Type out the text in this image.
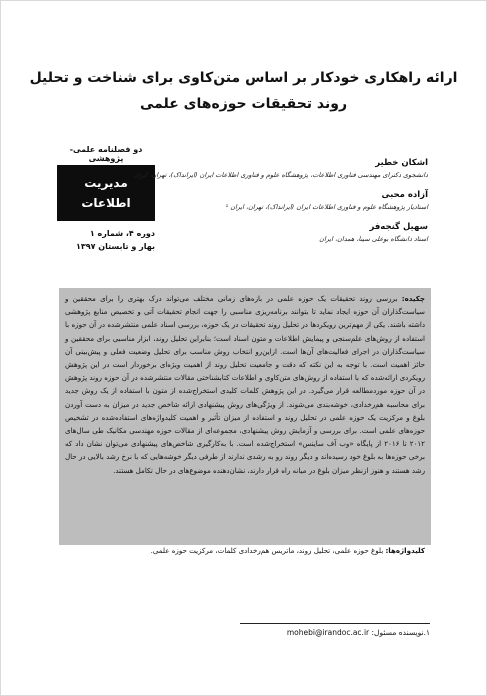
ارائه راهکاری خودکار بر اساس متن‌کاوی برای شناخت و تحلیل روند تحقیقات حوزه‌های علمی
دو فصلنامه علمی- پژوهشی
مدیریت
اطلاعات
دوره ۴، شماره ۱
بهار و تابستان ۱۳۹۷
اشکان خطیر
دانشجوی دکترای مهندسی فناوری اطلاعات، پژوهشگاه علوم و فناوری اطلاعات ایران (ایرانداک)، تهران، ایران
آزاده محبی
استادیار پژوهشگاه علوم و فناوری اطلاعات ایران (ایرانداک)، تهران، ایران ¹
سهیل گنجه‌فر
استاد دانشگاه بوعلی سینا، همدان، ایران
چکیده: بررسی روند تحقیقات یک حوزه علمی در بازه‌های زمانی مختلف می‌تواند درک بهتری را برای محققین و سیاست‌گذاران آن حوزه ایجاد نماید تا بتوانند برنامه‌ریزی مناسبی را جهت انجام تحقیقات آتی و تخصیص منابع پژوهشی داشته باشند. یکی از مهم‌ترین رویکردها در تحلیل روند تحقیقات در یک حوزه، بررسی اسناد علمی منتشرشده در آن حوزه با استفاده از روش‌های علم‌سنجی و پیمایش اطلاعات و متون اسناد است؛ بنابراین تحلیل روند، ابزار مناسبی برای محققین و سیاست‌گذاران در اجرای فعالیت‌های آن‌ها است. ازاین‌رو انتخاب روش مناسب برای تحلیل وضعیت فعلی و پیش‌بینی آن حائز اهمیت است. با توجه به این نکته که دقت و جامعیت تحلیل روند از اهمیت ویژه‌ای برخوردار است در این پژوهش رویکردی ارائه‌شده که با استفاده از روش‌های متن‌کاوی و اطلاعات کتابشناختی مقالات منتشرشده در آن حوزه روند پژوهش در آن حوزه موردمطالعه قرار می‌گیرد. در این پژوهش کلمات کلیدی استخراج‌شده از متون با استفاده از یک روش جدید برای محاسبه هم‌رخدادی، خوشه‌بندی می‌شوند. از ویژگی‌های روش پیشنهادی ارائه شاخص جدید در میزان به دست آوردن بلوغ و مرکزیت یک حوزه علمی در تحلیل روند و استفاده از میزان تأثیر و اهمیت کلیدواژه‌های استفاده‌شده در تشخیص حوزه‌های علمی است. برای بررسی و آزمایش روش پیشنهادی، مجموعه‌ای از مقالات حوزه مهندسی مکانیک طی سال‌های ۲۰۱۲ تا ۲۰۱۶ از پایگاه «وب آف ساینس» استخراج‌شده است. با به‌کارگیری شاخص‌های پیشنهادی می‌توان نشان داد که برخی حوزه‌ها به بلوغ خود رسیده‌اند و دیگر روند رو به رشدی ندارند از طرفی دیگر خوشه‌هایی که با نرخ رشد بالایی در حال رشد هستند و هنوز ازنظر میزان بلوغ در میانه راه قرار دارند، نشان‌دهنده موضوع‌های در حال تکامل هستند.
کلیدواژه‌ها: بلوغ حوزه علمی، تحلیل روند، ماتریس هم‌رخدادی کلمات، مرکزیت حوزه علمی.
۱.نویسنده مسئول: mohebi@irandoc.ac.ir
